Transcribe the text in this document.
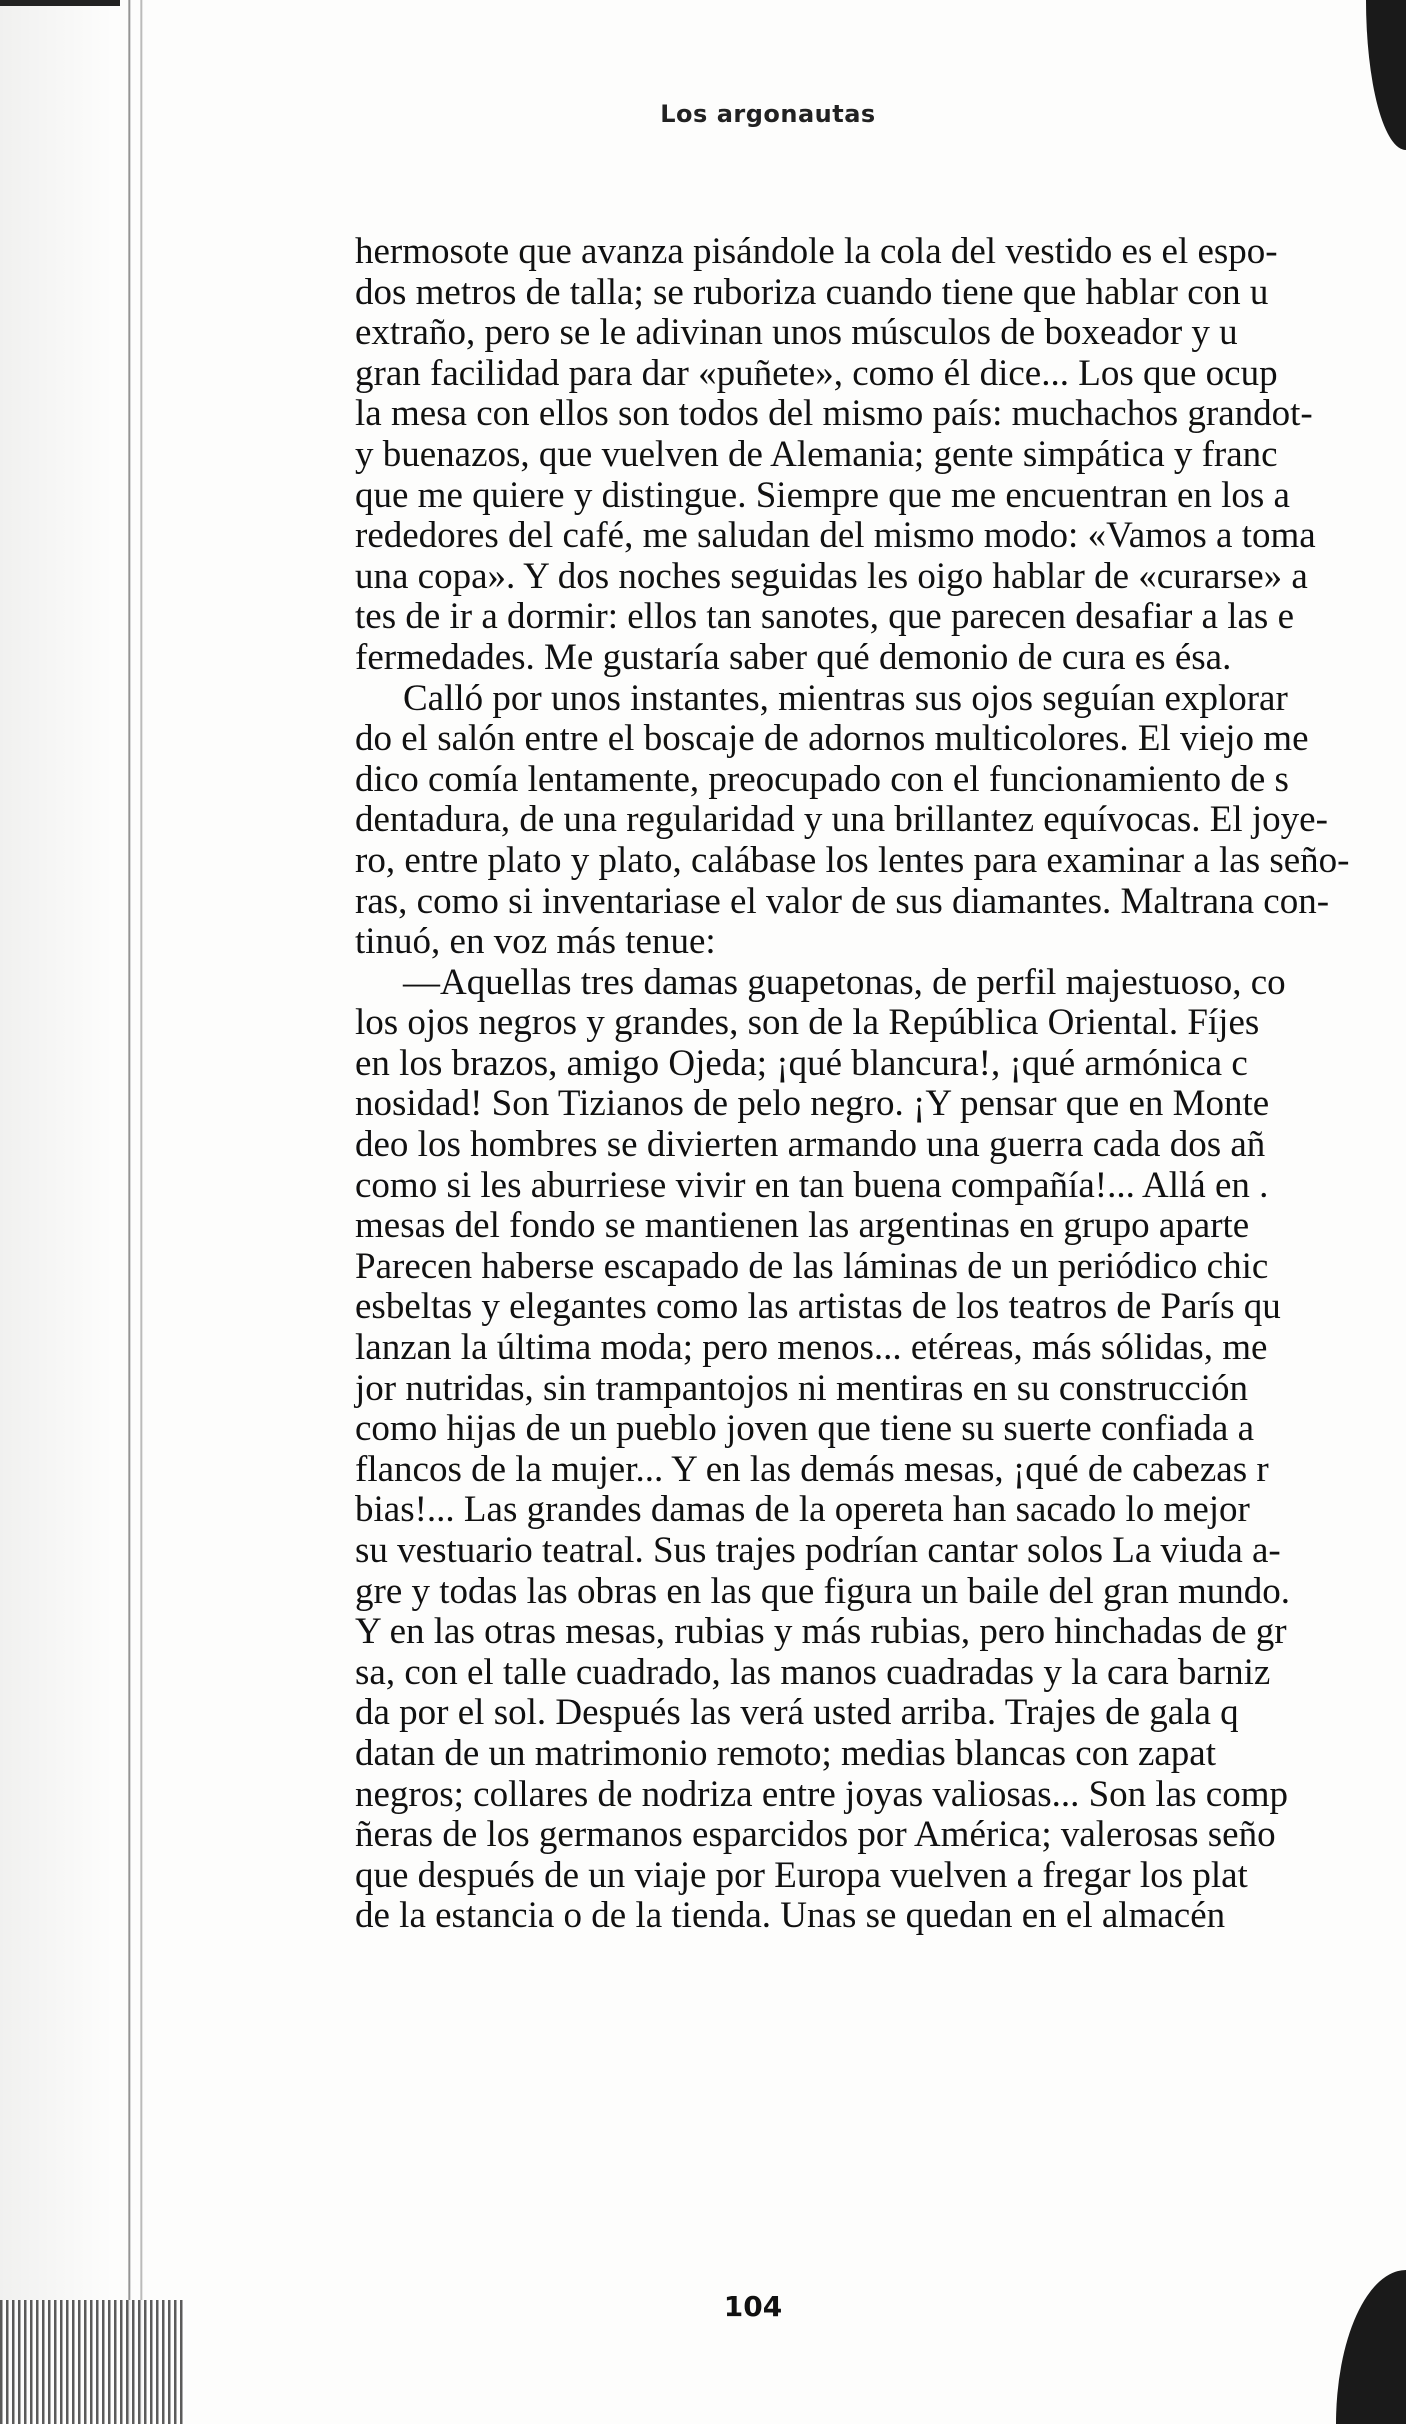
Los argonautas
hermosote que avanza pisándole la cola del vestido es el espo-
dos metros de talla; se ruboriza cuando tiene que hablar con u
extraño, pero se le adivinan unos músculos de boxeador y u
gran facilidad para dar «puñete», como él dice... Los que ocup
la mesa con ellos son todos del mismo país: muchachos grandot-
y buenazos, que vuelven de Alemania; gente simpática y franc
que me quiere y distingue. Siempre que me encuentran en los a
rededores del café, me saludan del mismo modo: «Vamos a toma
una copa». Y dos noches seguidas les oigo hablar de «curarse» a
tes de ir a dormir: ellos tan sanotes, que parecen desafiar a las e
fermedades. Me gustaría saber qué demonio de cura es ésa.
Calló por unos instantes, mientras sus ojos seguían explorar
do el salón entre el boscaje de adornos multicolores. El viejo me
dico comía lentamente, preocupado con el funcionamiento de s
dentadura, de una regularidad y una brillantez equívocas. El joye-
ro, entre plato y plato, calábase los lentes para examinar a las seño-
ras, como si inventariase el valor de sus diamantes. Maltrana con-
tinuó, en voz más tenue:
—Aquellas tres damas guapetonas, de perfil majestuoso, co
los ojos negros y grandes, son de la República Oriental. Fíjes
en los brazos, amigo Ojeda; ¡qué blancura!, ¡qué armónica c
nosidad! Son Tizianos de pelo negro. ¡Y pensar que en Monte
deo los hombres se divierten armando una guerra cada dos añ
como si les aburriese vivir en tan buena compañía!... Allá en .
mesas del fondo se mantienen las argentinas en grupo aparte
Parecen haberse escapado de las láminas de un periódico chic
esbeltas y elegantes como las artistas de los teatros de París qu
lanzan la última moda; pero menos... etéreas, más sólidas, me
jor nutridas, sin trampantojos ni mentiras en su construcción
como hijas de un pueblo joven que tiene su suerte confiada a
flancos de la mujer... Y en las demás mesas, ¡qué de cabezas r
bias!... Las grandes damas de la opereta han sacado lo mejor
su vestuario teatral. Sus trajes podrían cantar solos La viuda a-
gre y todas las obras en las que figura un baile del gran mundo.
Y en las otras mesas, rubias y más rubias, pero hinchadas de gr
sa, con el talle cuadrado, las manos cuadradas y la cara barniz
da por el sol. Después las verá usted arriba. Trajes de gala q
datan de un matrimonio remoto; medias blancas con zapat
negros; collares de nodriza entre joyas valiosas... Son las comp
ñeras de los germanos esparcidos por América; valerosas seño
que después de un viaje por Europa vuelven a fregar los plat
de la estancia o de la tienda. Unas se quedan en el almacén
104
